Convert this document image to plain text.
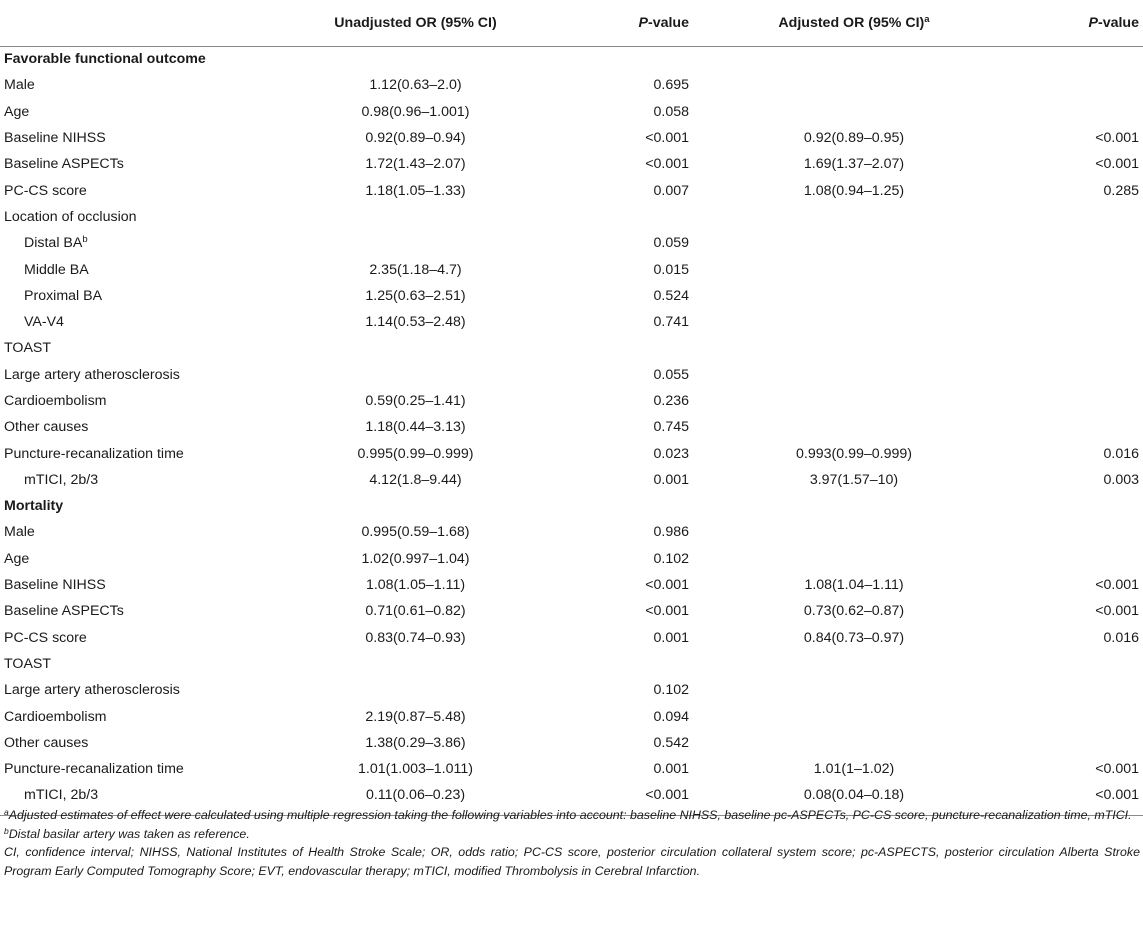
	Unadjusted OR (95% CI)	P-value	Adjusted OR (95% CI)$^a$	P-value
Favorable functional outcome				
Male	1.12(0.63–2.0)	0.695		
Age	0.98(0.96–1.001)	0.058		
Baseline NIHSS	0.92(0.89–0.94)	<0.001	0.92(0.89–0.95)	<0.001
Baseline ASPECTs	1.72(1.43–2.07)	<0.001	1.69(1.37–2.07)	<0.001
PC-CS score	1.18(1.05–1.33)	0.007	1.08(0.94–1.25)	0.285
Location of occlusion				
Distal $BA^b$		0.059		
Middle BA	2.35(1.18–4.7)	0.015		
Proximal BA	1.25(0.63–2.51)	0.524		
VA-V4	1.14(0.53–2.48)	0.741		
TOAST				
Large artery atherosclerosis		0.055		
Cardioembolism	0.59(0.25–1.41)	0.236		
Other causes	1.18(0.44–3.13)	0.745		
Puncture-recanalization time	0.995(0.99–0.999)	0.023	0.993(0.99–0.999)	0.016
mTICI, 2b/3	4.12(1.8–9.44)	0.001	3.97(1.57–10)	0.003
Mortality				
Male	0.995(0.59–1.68)	0.986		
Age	1.02(0.997–1.04)	0.102		
Baseline NIHSS	1.08(1.05–1.11)	<0.001	1.08(1.04–1.11)	<0.001
Baseline ASPECTs	0.71(0.61–0.82)	<0.001	0.73(0.62–0.87)	<0.001
PC-CS score	0.83(0.74–0.93)	0.001	0.84(0.73–0.97)	0.016
TOAST				
Large artery atherosclerosis		0.102		
Cardioembolism	2.19(0.87–5.48)	0.094		
Other causes	1.38(0.29–3.86)	0.542		
Puncture-recanalization time	1.01(1.003–1.011)	0.001	1.01(1–1.02)	<0.001
mTICI, 2b/3	0.11(0.06–0.23)	<0.001	0.08(0.04–0.18)	<0.001

$^a$Adjusted estimates of effect were calculated using multiple regression taking the following variables into account: baseline NIHSS, baseline pc-ASPECTs, PC-CS score, puncture-recanalization time, mTICI.

$^b$Distal basilar artery was taken as reference.

CI, confidence interval; NIHSS, National Institutes of Health Stroke Scale; OR, odds ratio; PC-CS score, posterior circulation collateral system score; pc-ASPECTS, posterior circulation Alberta Stroke Program Early Computed Tomography Score; EVT, endovascular therapy; mTICI, modified Thrombolysis in Cerebral Infarction.
